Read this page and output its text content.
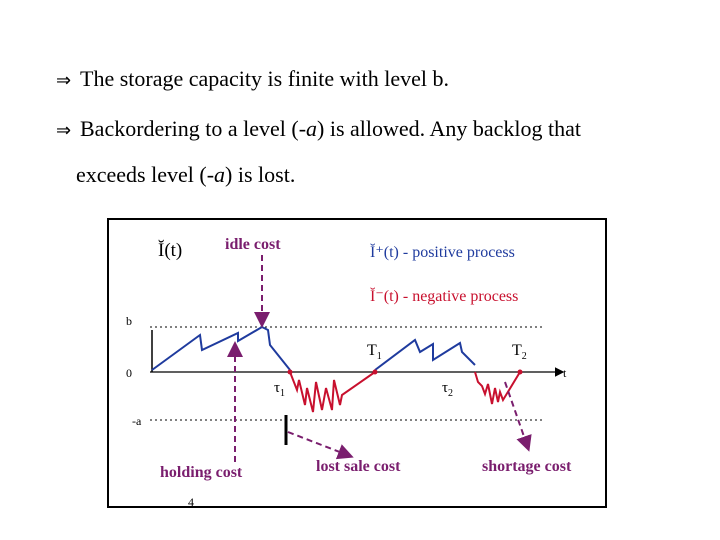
⇒ The storage capacity is finite with level b.
⇒ Backordering to a level (-a) is allowed. Any backlog that
exceeds level (-a) is lost.
Ĭ(t)	idle cost	Ĭ⁺(t) - positive process
Ĭ⁻(t) - negative process
b
0
-a
t
$T_1$	$T_2$
$\tau_1$	$\tau_2$
holding cost	lost sale cost	shortage cost
4
